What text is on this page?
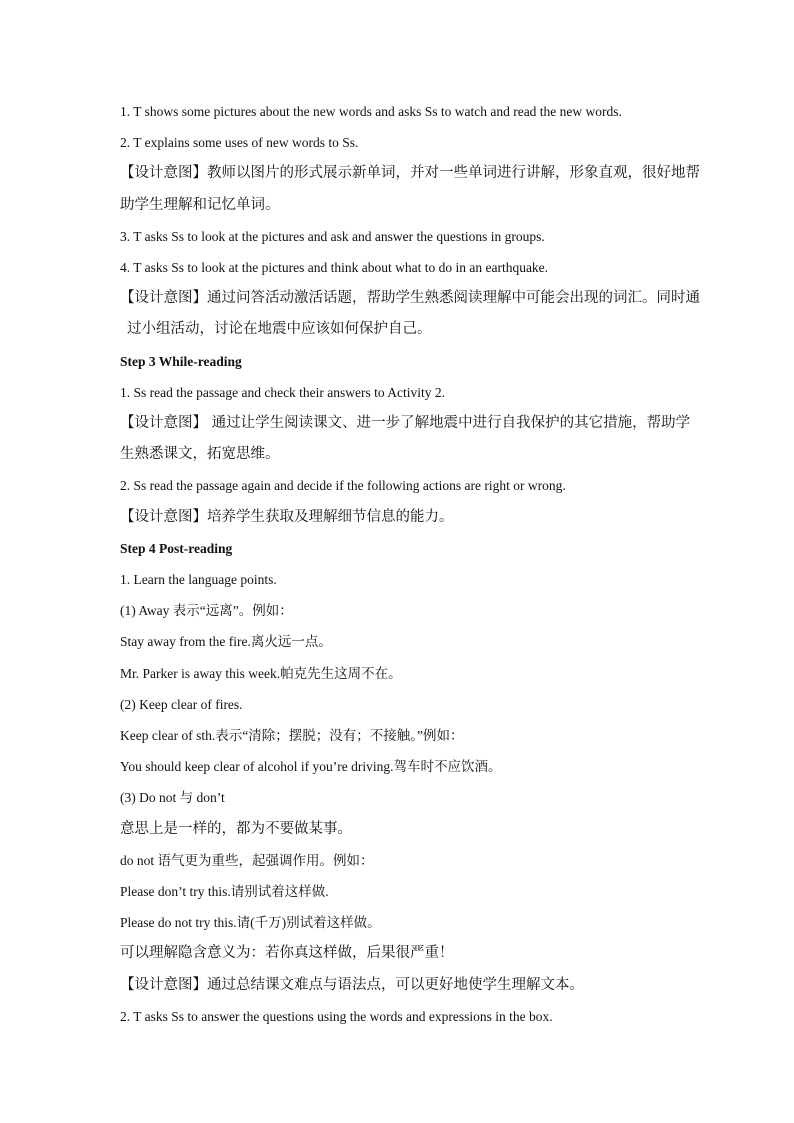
1. T shows some pictures about the new words and asks Ss to watch and read the new words.
2. T explains some uses of new words to Ss.
【设计意图】教师以图片的形式展示新单词，并对一些单词进行讲解，形象直观，很好地帮
助学生理解和记忆单词。
3. T asks Ss to look at the pictures and ask and answer the questions in groups.
4. T asks Ss to look at the pictures and think about what to do in an earthquake.
【设计意图】通过问答活动激活话题，帮助学生熟悉阅读理解中可能会出现的词汇。同时通
过小组活动，讨论在地震中应该如何保护自己。
Step 3 While-reading
1. Ss read the passage and check their answers to Activity 2.
【设计意图】 通过让学生阅读课文、进一步了解地震中进行自我保护的其它措施，帮助学
生熟悉课文，拓宽思维。
2. Ss read the passage again and decide if the following actions are right or wrong.
【设计意图】培养学生获取及理解细节信息的能力。
Step 4 Post-reading
1. Learn the language points.
(1) Away 表示“远离”。例如：
Stay away from the fire.离火远一点。
Mr. Parker is away this week.帕克先生这周不在。
(2) Keep clear of fires.
Keep clear of sth.表示“清除；摆脱；没有；不接触。”例如：
You should keep clear of alcohol if you’re driving.驾车时不应饮酒。
(3) Do not 与 don’t
意思上是一样的，都为不要做某事。
do not 语气更为重些，起强调作用。例如：
Please don’t try this.请别试着这样做.
Please do not try this.请(千万)别试着这样做。
可以理解隐含意义为：若你真这样做，后果很严重！
【设计意图】通过总结课文难点与语法点，可以更好地使学生理解文本。
2. T asks Ss to answer the questions using the words and expressions in the box.
